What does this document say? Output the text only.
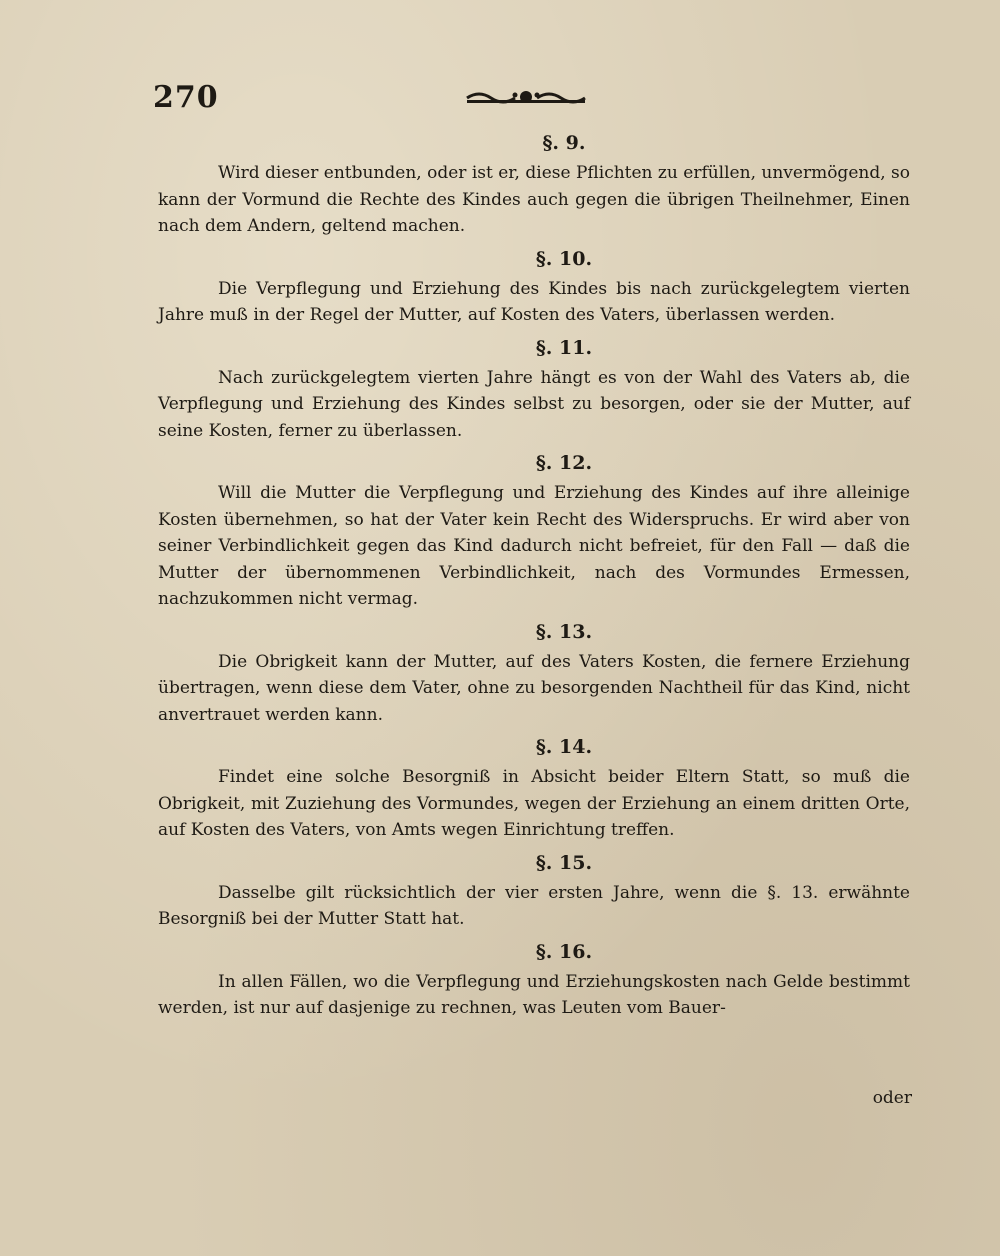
270
§. 9.

Wird dieser entbunden, oder ist er, diese Pflichten zu erfüllen, unvermögend, so kann der Vormund die Rechte des Kindes auch gegen die übrigen Theilnehmer, Einen nach dem Andern, geltend machen.

§. 10.

Die Verpflegung und Erziehung des Kindes bis nach zurückgelegtem vierten Jahre muß in der Regel der Mutter, auf Kosten des Vaters, überlassen werden.

§. 11.

Nach zurückgelegtem vierten Jahre hängt es von der Wahl des Vaters ab, die Verpflegung und Erziehung des Kindes selbst zu besorgen, oder sie der Mutter, auf seine Kosten, ferner zu überlassen.

§. 12.

Will die Mutter die Verpflegung und Erziehung des Kindes auf ihre alleinige Kosten übernehmen, so hat der Vater kein Recht des Widerspruchs. Er wird aber von seiner Verbindlichkeit gegen das Kind dadurch nicht befreiet, für den Fall — daß die Mutter der übernommenen Verbindlichkeit, nach des Vormundes Ermessen, nachzukommen nicht vermag.

§. 13.

Die Obrigkeit kann der Mutter, auf des Vaters Kosten, die fernere Erziehung übertragen, wenn diese dem Vater, ohne zu besorgenden Nachtheil für das Kind, nicht anvertrauet werden kann.

§. 14.

Findet eine solche Besorgniß in Absicht beider Eltern Statt, so muß die Obrigkeit, mit Zuziehung des Vormundes, wegen der Erziehung an einem dritten Orte, auf Kosten des Vaters, von Amts wegen Einrichtung treffen.

§. 15.

Dasselbe gilt rücksichtlich der vier ersten Jahre, wenn die §. 13. erwähnte Besorgniß bei der Mutter Statt hat.

§. 16.

In allen Fällen, wo die Verpflegung und Erziehungskosten nach Gelde bestimmt werden, ist nur auf dasjenige zu rechnen, was Leuten vom Bauer-

oder
